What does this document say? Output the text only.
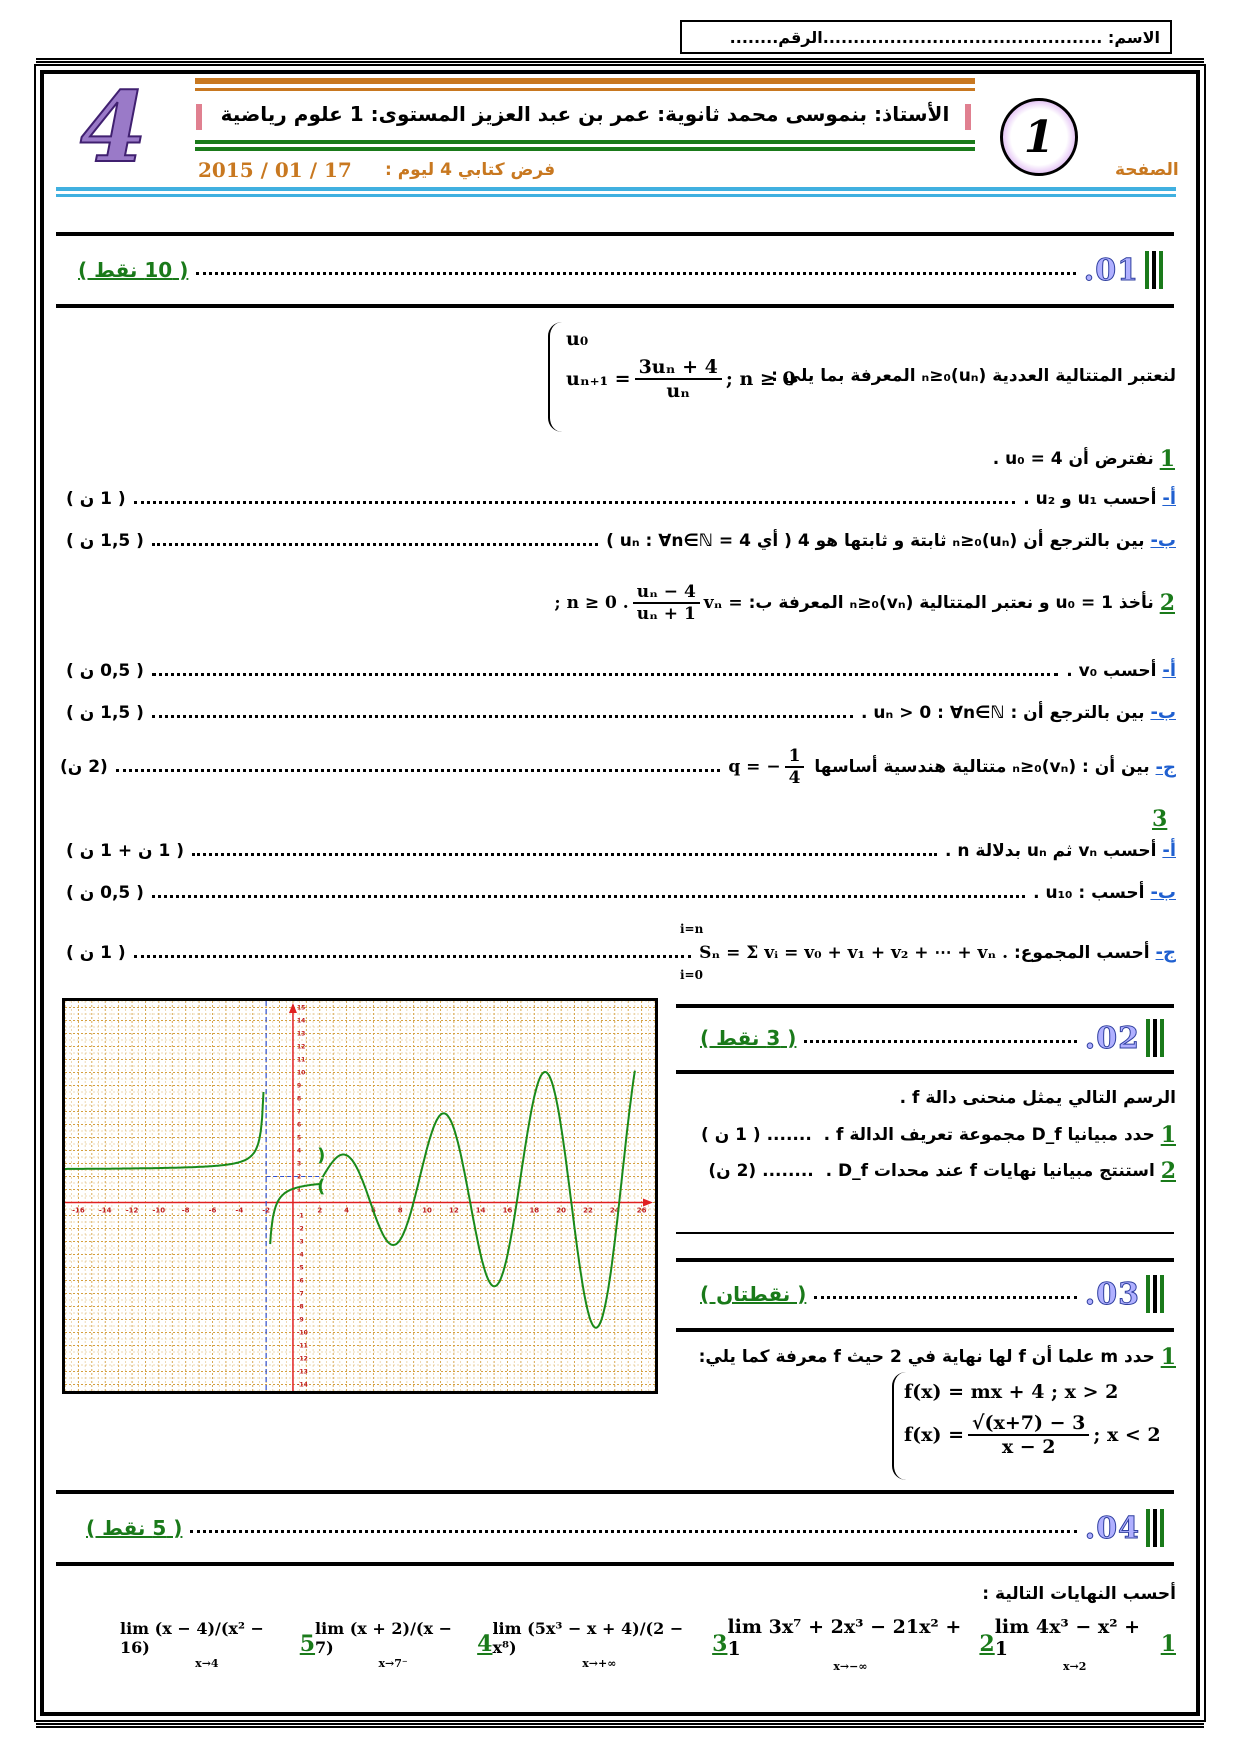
الاسم: ..............................................الرقم........
4	الأستاذ: بنموسى محمد ثانوية: عمر بن عبد العزيز المستوى: 1 علوم رياضية	1
الصفحة
فرض كتابي 4 ليوم :
2015 / 01 / 17
( 10 نقط )	.01
u₀
$u_{n+1} = \frac{\text{3uₙ + 4}}{\text{uₙ}}$ ; n ≥ 0
لنعتبر المتتالية العددية (uₙ)ₙ≥₀ المعرفة بما يلي :
1

نفترض أن u₀ = 4 .
( 1 ن )	أحسب u₁ و u₂ .
أ-
( 1,5 ن )	بين بالترجع أن (uₙ)ₙ≥₀ ثابتة و ثابتها هو 4 ( أي 4 = uₙ : ∀n∈ℕ )
ب-
; n ≥ 0 . $\frac{\text{uₙ − 4}}{\text{uₙ + 1}}$ vₙ =
نأخذ u₀ = 1 و نعتبر المتتالية (vₙ)ₙ≥₀ المعرفة ب:
2
( 0,5 ن )	أحسب v₀ .
أ-
( 1,5 ن )	بين بالترجع أن : uₙ > 0 : ∀n∈ℕ .
ب-
(2 ن)	q = − $\frac{1}{4}$
بين أن : (vₙ)ₙ≥₀ متتالية هندسية أساسها
ج-
3
( 1 ن + 1 ن )	أحسب vₙ ثم uₙ بدلالة n .
أ-
( 0,5 ن )	أحسب : u₁₀ .
ب-
( 1 ن )	Sₙ = Σ vᵢ = v₀ + v₁ + v₂ + ⋯ + vₙ .
أحسب المجموع:
ج-
i=n
i=0
-16 -14 -12 -10 -8	-6	-4	-2	2	4	6	8	10 12 14 16 18 20 22 24 26
15
14
13
12
11
10
9
8
7
6
5
4
3
2
1
-1
-2
-3
-4
-5
-6
-7
-8
-9
-10
-11
-12
-13
-14
)
(
( 3 نقط )	.02
الرسم التالي يمثل منحنى دالة f .
( 1 ن ) ....... حدد مبيانيا D_f مجموعة تعريف الدالة f .
1
(2 ن) ........ استنتج مبيانيا نهايات f عند محدات D_f .
2
( نقطتان )	.03
حدد m علما أن f لها نهاية في 2 حيث f معرفة كما يلي:
1
f(x) = mx + 4 ; x > 2
$f(x) = \frac{√(x+7) - 3}{x - 2}$ ; x < 2
( 5 نقط )	.04
أحسب النهايات التالية :
1
lim 4x³ − x² + 1
x→2
2
lim 3x⁷ + 2x³ − 21x² + 1
x→−∞
3
lim (5x³ − x + 4)/(2 − x⁸)
x→+∞
4
lim (x + 2)/(x − 7)
x→7⁻
5
lim (x − 4)/(x² − 16)
x→4
